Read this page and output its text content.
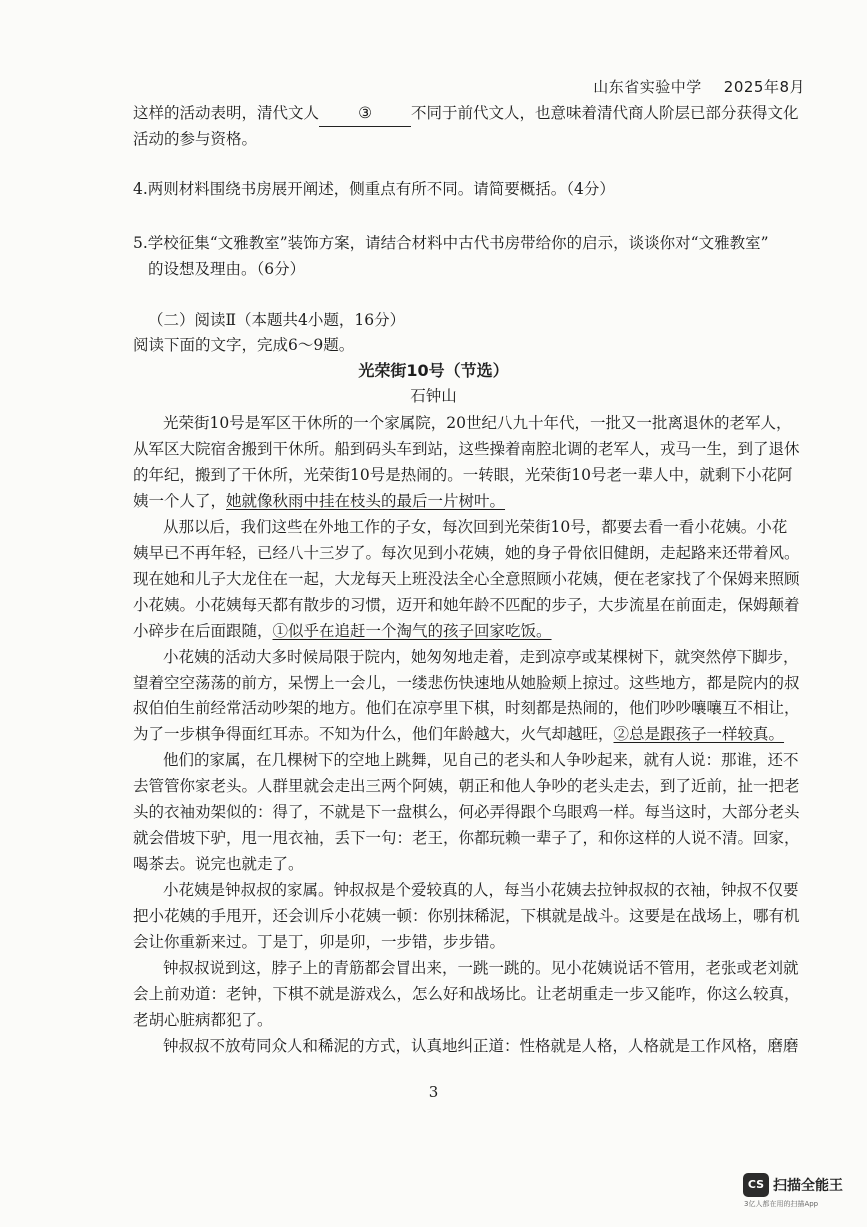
山东省实验中学 2025年8月
这样的活动表明，清代文人	③	不同于前代文人，也意味着清代商人阶层已部分获得文化
活动的参与资格。
4.两则材料围绕书房展开阐述，侧重点有所不同。请简要概括。（4分）
5.学校征集“文雅教室”装饰方案，请结合材料中古代书房带给你的启示，谈谈你对“文雅教室”
的设想及理由。（6分）
（二）阅读Ⅱ（本题共4小题，16分）
阅读下面的文字，完成6～9题。
光荣街10号（节选）
石钟山
光荣街10号是军区干休所的一个家属院，20世纪八九十年代，一批又一批离退休的老军人，
从军区大院宿舍搬到干休所。船到码头车到站，这些操着南腔北调的老军人，戎马一生，到了退休
的年纪，搬到了干休所，光荣街10号是热闹的。一转眼，光荣街10号老一辈人中，就剩下小花阿
姨一个人了，她就像秋雨中挂在枝头的最后一片树叶。
从那以后，我们这些在外地工作的子女，每次回到光荣街10号，都要去看一看小花姨。小花
姨早已不再年轻，已经八十三岁了。每次见到小花姨，她的身子骨依旧健朗，走起路来还带着风。
现在她和儿子大龙住在一起，大龙每天上班没法全心全意照顾小花姨，便在老家找了个保姆来照顾
小花姨。小花姨每天都有散步的习惯，迈开和她年龄不匹配的步子，大步流星在前面走，保姆颠着
小碎步在后面跟随，①似乎在追赶一个淘气的孩子回家吃饭。
小花姨的活动大多时候局限于院内，她匆匆地走着，走到凉亭或某棵树下，就突然停下脚步，
望着空空荡荡的前方，呆愣上一会儿，一缕悲伤快速地从她脸颊上掠过。这些地方，都是院内的叔
叔伯伯生前经常活动吵架的地方。他们在凉亭里下棋，时刻都是热闹的，他们吵吵嚷嚷互不相让，
为了一步棋争得面红耳赤。不知为什么，他们年龄越大，火气却越旺，②总是跟孩子一样较真。
他们的家属，在几棵树下的空地上跳舞，见自己的老头和人争吵起来，就有人说：那谁，还不
去管管你家老头。人群里就会走出三两个阿姨，朝正和他人争吵的老头走去，到了近前，扯一把老
头的衣袖劝架似的：得了，不就是下一盘棋么，何必弄得跟个乌眼鸡一样。每当这时，大部分老头
就会借坡下驴，甩一甩衣袖，丢下一句：老王，你都玩赖一辈子了，和你这样的人说不清。回家，
喝茶去。说完也就走了。
小花姨是钟叔叔的家属。钟叔叔是个爱较真的人，每当小花姨去拉钟叔叔的衣袖，钟叔不仅要
把小花姨的手甩开，还会训斥小花姨一顿：你别抹稀泥，下棋就是战斗。这要是在战场上，哪有机
会让你重新来过。丁是丁，卯是卯，一步错，步步错。
钟叔叔说到这，脖子上的青筋都会冒出来，一跳一跳的。见小花姨说话不管用，老张或老刘就
会上前劝道：老钟，下棋不就是游戏么，怎么好和战场比。让老胡重走一步又能咋，你这么较真，
老胡心脏病都犯了。
钟叔叔不放苟同众人和稀泥的方式，认真地纠正道：性格就是人格，人格就是工作风格，磨磨
3
CS 扫描全能王
3亿人都在用的扫描App
